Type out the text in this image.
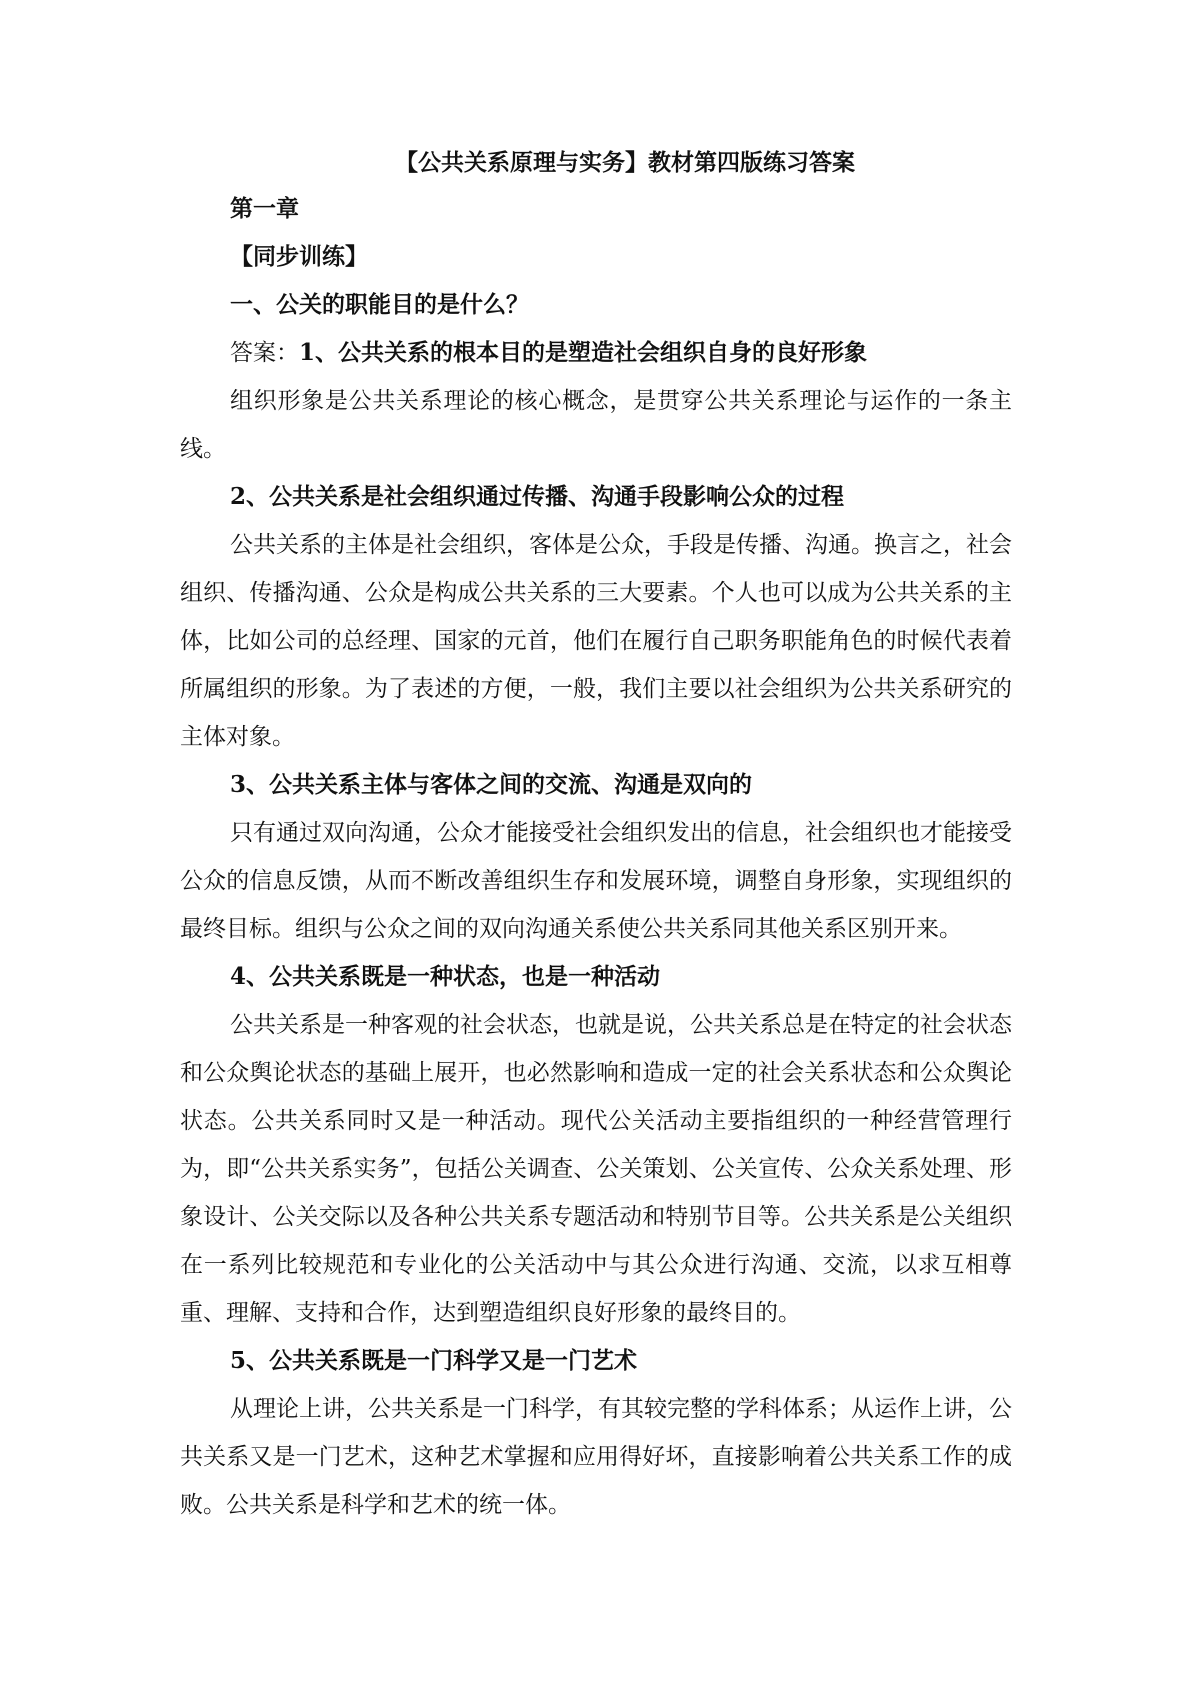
【公共关系原理与实务】教材第四版练习答案

第一章

【同步训练】

一、公关的职能目的是什么？

答案：1、公共关系的根本目的是塑造社会组织自身的良好形象

组织形象是公共关系理论的核心概念，是贯穿公共关系理论与运作的一条主线。

2、公共关系是社会组织通过传播、沟通手段影响公众的过程

公共关系的主体是社会组织，客体是公众，手段是传播、沟通。换言之，社会组织、传播沟通、公众是构成公共关系的三大要素。个人也可以成为公共关系的主体，比如公司的总经理、国家的元首，他们在履行自己职务职能角色的时候代表着所属组织的形象。为了表述的方便，一般，我们主要以社会组织为公共关系研究的主体对象。

3、公共关系主体与客体之间的交流、沟通是双向的

只有通过双向沟通，公众才能接受社会组织发出的信息，社会组织也才能接受公众的信息反馈，从而不断改善组织生存和发展环境，调整自身形象，实现组织的最终目标。组织与公众之间的双向沟通关系使公共关系同其他关系区别开来。

4、公共关系既是一种状态，也是一种活动

公共关系是一种客观的社会状态，也就是说，公共关系总是在特定的社会状态和公众舆论状态的基础上展开，也必然影响和造成一定的社会关系状态和公众舆论状态。公共关系同时又是一种活动。现代公关活动主要指组织的一种经营管理行为，即“公共关系实务”，包括公关调查、公关策划、公关宣传、公众关系处理、形象设计、公关交际以及各种公共关系专题活动和特别节目等。公共关系是公关组织在一系列比较规范和专业化的公关活动中与其公众进行沟通、交流，以求互相尊重、理解、支持和合作，达到塑造组织良好形象的最终目的。

5、公共关系既是一门科学又是一门艺术

从理论上讲，公共关系是一门科学，有其较完整的学科体系；从运作上讲，公共关系又是一门艺术，这种艺术掌握和应用得好坏，直接影响着公共关系工作的成败。公共关系是科学和艺术的统一体。
